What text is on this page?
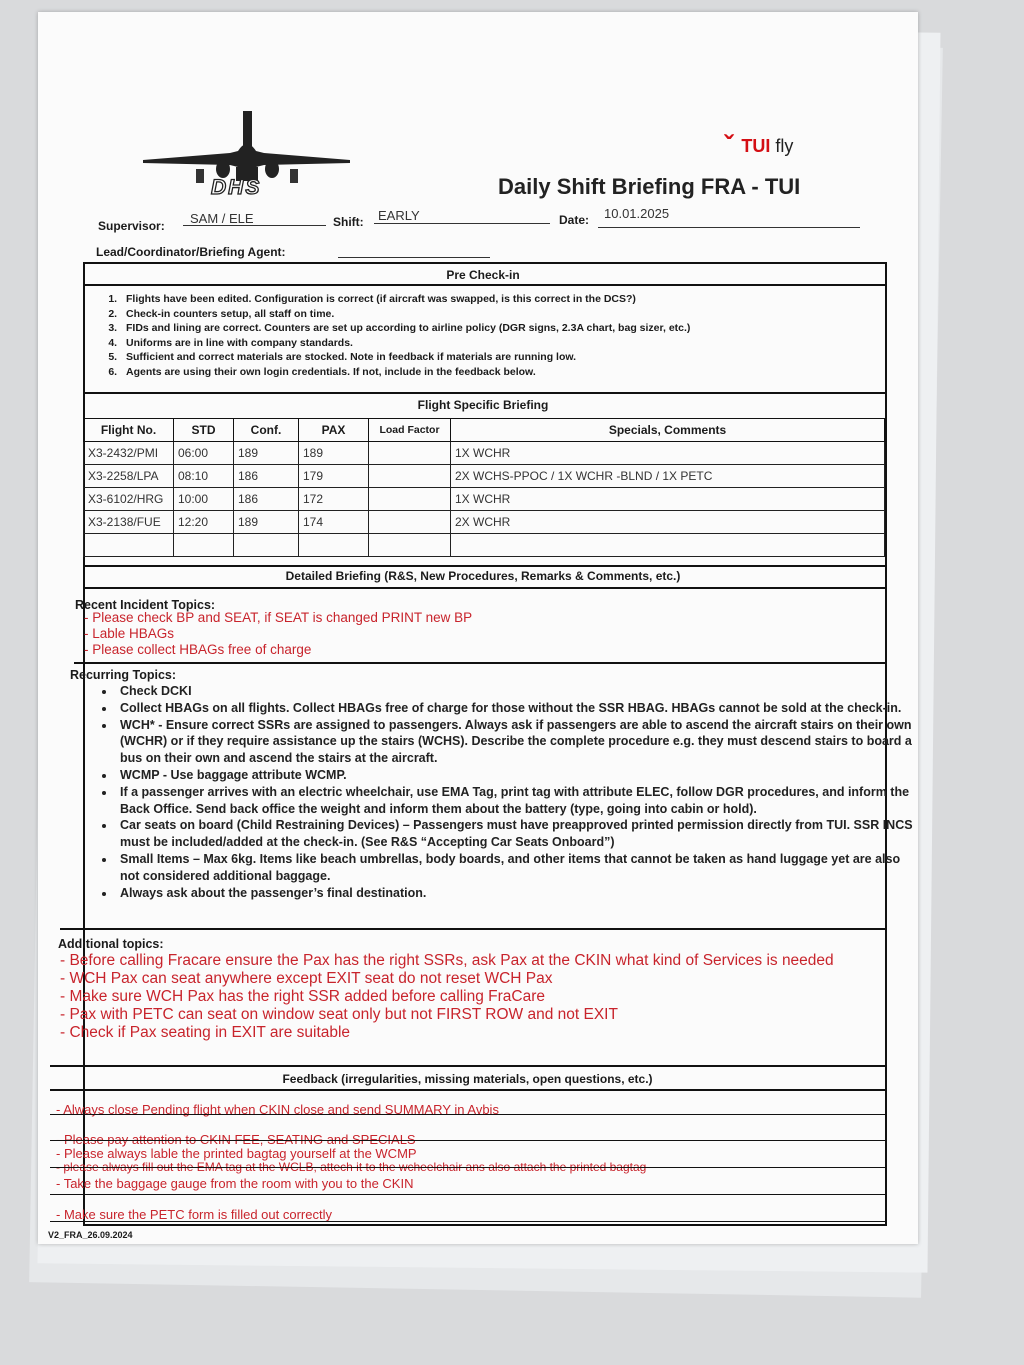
DHS
ˇ TUI fly
Daily Shift Briefing FRA - TUI
Supervisor: SAM / ELE	Shift: EARLY	Date: 10.01.2025
Lead/Coordinator/Briefing Agent:
Pre Check-in
1. Flights have been edited. Configuration is correct (if aircraft was swapped, is this correct in the DCS?)
2. Check-in counters setup, all staff on time.
3. FIDs and lining are correct. Counters are set up according to airline policy (DGR signs, 2.3A chart, bag sizer, etc.)
4. Uniforms are in line with company standards.
5. Sufficient and correct materials are stocked. Note in feedback if materials are running low.
6. Agents are using their own login credentials. If not, include in the feedback below.
Flight Specific Briefing
Flight No.	STD	Conf.	PAX	Load Factor	Specials, Comments
X3-2432/PMI	06:00	189	189		1X WCHR
X3-2258/LPA	08:10	186	179		2X WCHS-PPOC / 1X WCHR -BLND / 1X PETC
X3-6102/HRG	10:00	186	172		1X WCHR
X3-2138/FUE	12:20	189	174		2X WCHR

Detailed Briefing (R&S, New Procedures, Remarks & Comments, etc.)
Recent Incident Topics:
- Please check BP and SEAT, if SEAT is changed PRINT new BP
- Lable HBAGs
- Please collect HBAGs free of charge
Recurring Topics:
• Check DCKI
• Collect HBAGs on all flights. Collect HBAGs free of charge for those without the SSR HBAG. HBAGs cannot be sold at the check-in.
• WCH* - Ensure correct SSRs are assigned to passengers. Always ask if passengers are able to ascend the aircraft stairs on their own (WCHR) or if they require assistance up the stairs (WCHS). Describe the complete procedure e.g. they must descend stairs to board a bus on their own and ascend the stairs at the aircraft.
• WCMP - Use baggage attribute WCMP.
• If a passenger arrives with an electric wheelchair, use EMA Tag, print tag with attribute ELEC, follow DGR procedures, and inform the Back Office. Send back office the weight and inform them about the battery (type, going into cabin or hold).
• Car seats on board (Child Restraining Devices) – Passengers must have preapproved printed permission directly from TUI. SSR INCS must be included/added at the check-in. (See R&S “Accepting Car Seats Onboard”)
• Small Items – Max 6kg. Items like beach umbrellas, body boards, and other items that cannot be taken as hand luggage yet are also not considered additional baggage.
• Always ask about the passenger’s final destination.
Additional topics:
- Before calling Fracare ensure the Pax has the right SSRs, ask Pax at the CKIN what kind of Services is needed
- WCH Pax can seat anywhere except EXIT seat do not reset WCH Pax
- Make sure WCH Pax has the right SSR added before calling FraCare
- Pax with PETC can seat on window seat only but not FIRST ROW and not EXIT
- Check if Pax seating in EXIT are suitable
Feedback (irregularities, missing materials, open questions, etc.)
- Always close Pending flight when CKIN close and send SUMMARY in Avbis
- Please pay attention to CKIN FEE, SEATING and SPECIALS
- Please always lable the printed bagtag yourself at the WCMP
- please always fill out the EMA tag at the WCLB, attech it to the wcheelchair ans also attach the printed bagtag
- Take the baggage gauge from the room with you to the CKIN
- Make sure the PETC form is filled out correctly
V2_FRA_26.09.2024
